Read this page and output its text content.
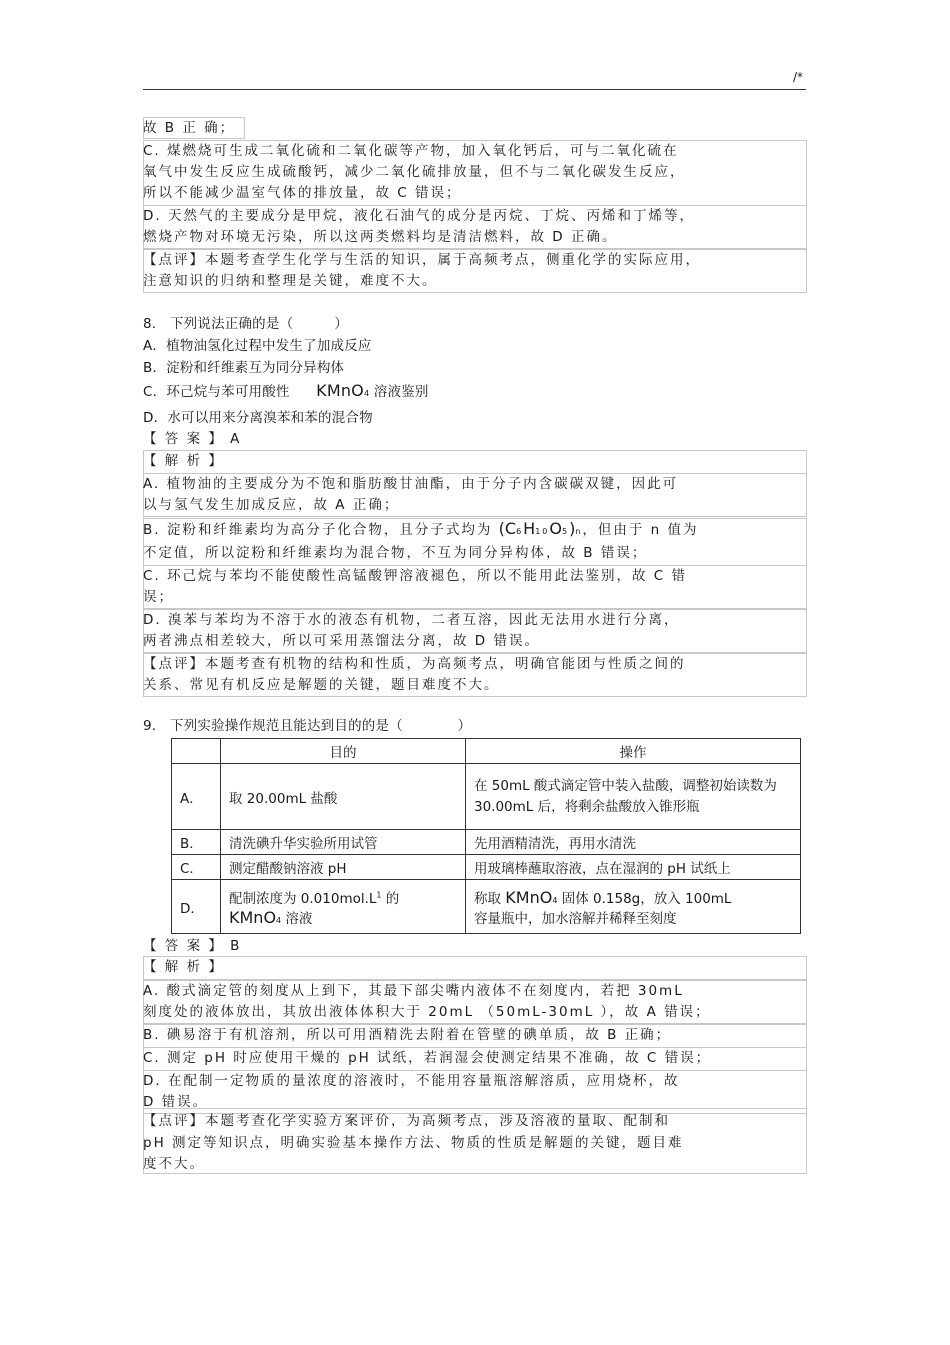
/*
故 B 正 确；
C. 煤燃烧可生成二氧化硫和二氧化碳等产物，加入氧化钙后，可与二氧化硫在
氧气中发生反应生成硫酸钙，减少二氧化硫排放量，但不与二氧化碳发生反应，
所以不能减少温室气体的排放量，故 C 错误；
D. 天然气的主要成分是甲烷，液化石油气的成分是丙烷、丁烷、丙烯和丁烯等，
燃烧产物对环境无污染，所以这两类燃料均是清洁燃料，故 D 正确。
【点评】本题考查学生化学与生活的知识，属于高频考点，侧重化学的实际应用，
注意知识的归纳和整理是关键，难度不大。
8.　下列说法正确的是（　　　）
A．植物油氢化过程中发生了加成反应
B．淀粉和纤维素互为同分异构体
C．环己烷与苯可用酸性 KMnO4 溶液鉴别
D．水可以用来分离溴苯和苯的混合物
【 答 案 】 A
【 解 析 】
A. 植物油的主要成分为不饱和脂肪酸甘油酯，由于分子内含碳碳双键，因此可
以与氢气发生加成反应，故 A 正确；
B. 淀粉和纤维素均为高分子化合物，且分子式均为 (C6H10O5)n，但由于 n 值为
不定值，所以淀粉和纤维素均为混合物，不互为同分异构体，故 B 错误；
C. 环己烷与苯均不能使酸性高锰酸钾溶液褪色，所以不能用此法鉴别，故 C 错
误；
D. 溴苯与苯均为不溶于水的液态有机物，二者互溶，因此无法用水进行分离，
两者沸点相差较大，所以可采用蒸馏法分离，故 D 错误。
【点评】本题考查有机物的结构和性质，为高频考点，明确官能团与性质之间的
关系、常见有机反应是解题的关键，题目难度不大。
9.　下列实验操作规范且能达到目的的是（　　　　）
	目的	操作
A．	取 20.00mL 盐酸	在 50mL 酸式滴定管中装入盐酸，调整初始读数为 30.00mL 后，将剩余盐酸放入锥形瓶
B．	清洗碘升华实验所用试管	先用酒精清洗，再用水清洗
C．	测定醋酸钠溶液 pH	用玻璃棒蘸取溶液，点在湿润的 pH 试纸上
D．	配制浓度为 $0.010mol.L^1$ 的
KMnO4 溶液	称取 KMnO4 固体 0.158g，放入 100mL
容量瓶中，加水溶解并稀释至刻度
【 答 案 】 B
【 解 析 】
A. 酸式滴定管的刻度从上到下，其最下部尖嘴内液体不在刻度内，若把 30mL
刻度处的液体放出，其放出液体体积大于 20mL （50mL-30mL ），故 A 错误；
B. 碘易溶于有机溶剂，所以可用酒精洗去附着在管壁的碘单质，故 B 正确；
C. 测定 pH 时应使用干燥的 pH 试纸，若润湿会使测定结果不准确，故 C 错误；
D. 在配制一定物质的量浓度的溶液时，不能用容量瓶溶解溶质，应用烧杯，故
D 错误。
【点评】本题考查化学实验方案评价，为高频考点，涉及溶液的量取、配制和
pH 测定等知识点，明确实验基本操作方法、物质的性质是解题的关键，题目难
度不大。
